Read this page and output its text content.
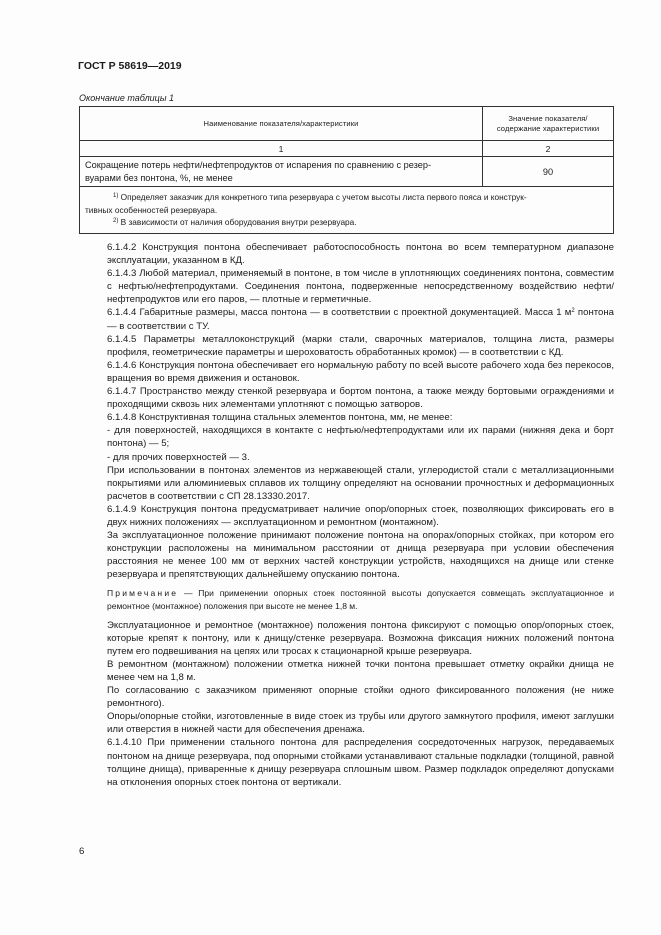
ГОСТ Р 58619—2019
Окончание таблицы 1
Наименование показателя/характеристики	Значение показателя/
содержание характеристики
1	2
Сокращение потерь нефти/нефтепродуктов от испарения по сравнению с резер-
вуарами без понтона, %, не менее	90

$^{1)}$ Определяет заказчик для конкретного типа резервуара с учетом высоты листа первого пояса и конструк-
тивных особенностей резервуара.
$^{2)}$ В зависимости от наличия оборудования внутри резервуара.	

6.1.4.2 Конструкция понтона обеспечивает работоспособность понтона во всем температурном диапазоне эксплуатации, указанном в КД.

6.1.4.3 Любой материал, применяемый в понтоне, в том числе в уплотняющих соединениях понтона, совместим с нефтью/нефтепродуктами. Соединения понтона, подверженные непосредственному воздействию нефти/нефтепродуктов или его паров, — плотные и герметичные.

6.1.4.4 Габаритные размеры, масса понтона — в соответствии с проектной документацией. Масса 1 $м^2$ понтона — в соответствии с ТУ.

6.1.4.5 Параметры металлоконструкций (марки стали, сварочных материалов, толщина листа, размеры профиля, геометрические параметры и шероховатость обработанных кромок) — в соответствии с КД.

6.1.4.6 Конструкция понтона обеспечивает его нормальную работу по всей высоте рабочего хода без перекосов, вращения во время движения и остановок.

6.1.4.7 Пространство между стенкой резервуара и бортом понтона, а также между бортовыми ограждениями и проходящими сквозь них элементами уплотняют с помощью затворов.

6.1.4.8 Конструктивная толщина стальных элементов понтона, мм, не менее:

- для поверхностей, находящихся в контакте с нефтью/нефтепродуктами или их парами (нижняя дека и борт понтона) — 5;

- для прочих поверхностей — 3.

При использовании в понтонах элементов из нержавеющей стали, углеродистой стали с металлизационными покрытиями или алюминиевых сплавов их толщину определяют на основании прочностных и деформационных расчетов в соответствии с СП 28.13330.2017.

6.1.4.9 Конструкция понтона предусматривает наличие опор/опорных стоек, позволяющих фиксировать его в двух нижних положениях — эксплуатационном и ремонтном (монтажном).

За эксплуатационное положение принимают положение понтона на опорах/опорных стойках, при котором его конструкции расположены на минимальном расстоянии от днища резервуара при условии обеспечения расстояния не менее 100 мм от верхних частей конструкции устройств, находящихся на днище или стенке резервуара и препятствующих дальнейшему опусканию понтона.

Примечание — При применении опорных стоек постоянной высоты допускается совмещать эксплуатационное и ремонтное (монтажное) положения при высоте не менее 1,8 м.

Эксплуатационное и ремонтное (монтажное) положения понтона фиксируют с помощью опор/опорных стоек, которые крепят к понтону, или к днищу/стенке резервуара. Возможна фиксация нижних положений понтона путем его подвешивания на цепях или тросах к стационарной крыше резервуара.

В ремонтном (монтажном) положении отметка нижней точки понтона превышает отметку окрайки днища не менее чем на 1,8 м.

По согласованию с заказчиком применяют опорные стойки одного фиксированного положения (не ниже ремонтного).

Опоры/опорные стойки, изготовленные в виде стоек из трубы или другого замкнутого профиля, имеют заглушки или отверстия в нижней части для обеспечения дренажа.

6.1.4.10 При применении стального понтона для распределения сосредоточенных нагрузок, передаваемых понтоном на днище резервуара, под опорными стойками устанавливают стальные подкладки (толщиной, равной толщине днища), приваренные к днищу резервуара сплошным швом. Размер подкладок определяют допусками на отклонения опорных стоек понтона от вертикали.

6
